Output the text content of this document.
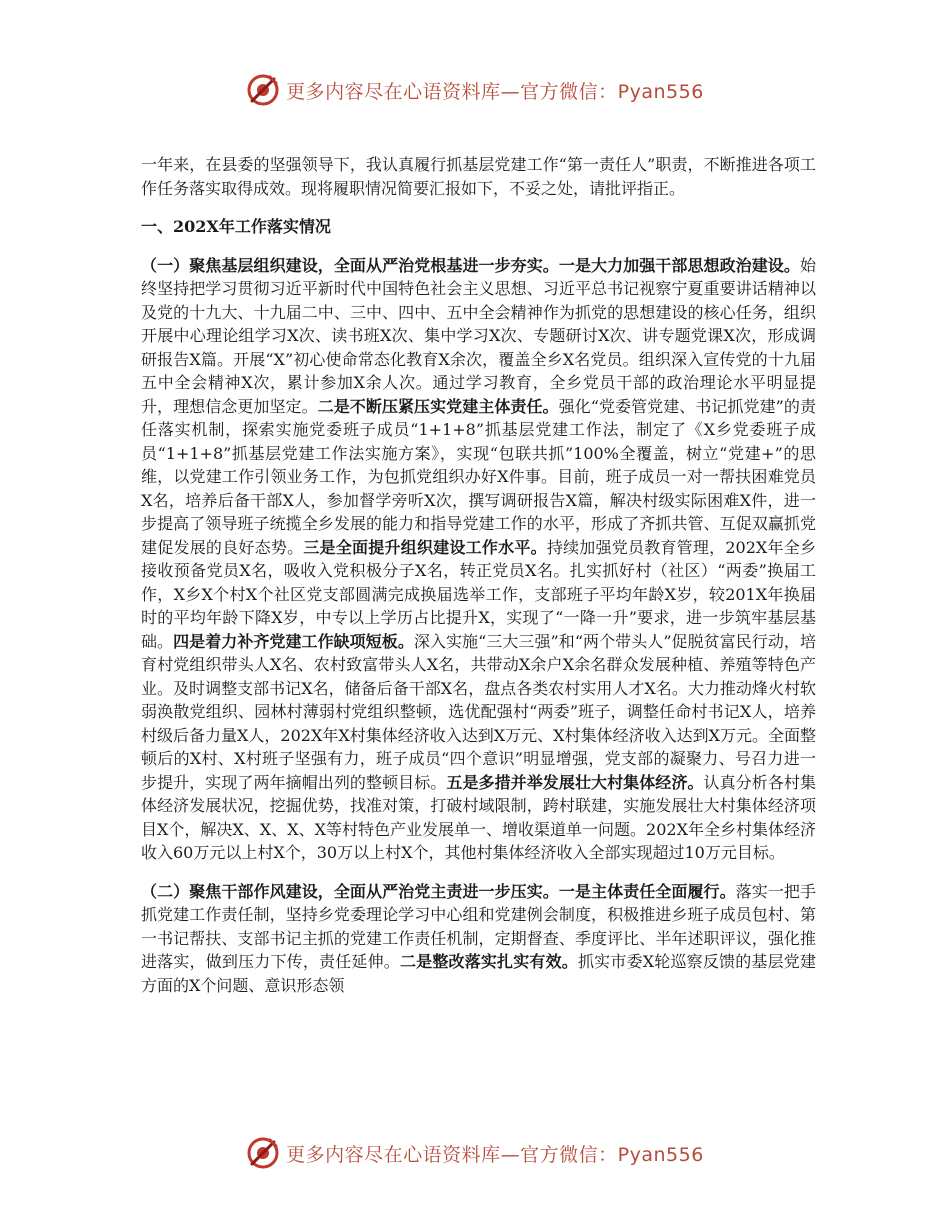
更多内容尽在心语资料库—官方微信：Pyan556

一年来，在县委的坚强领导下，我认真履行抓基层党建工作“第一责任人”职责，不断推进各项工作任务落实取得成效。现将履职情况简要汇报如下，不妥之处，请批评指正。

一、202X年工作落实情况

（一）聚焦基层组织建设，全面从严治党根基进一步夯实。一是大力加强干部思想政治建设。始终坚持把学习贯彻习近平新时代中国特色社会主义思想、习近平总书记视察宁夏重要讲话精神以及党的十九大、十九届二中、三中、四中、五中全会精神作为抓党的思想建设的核心任务，组织开展中心理论组学习X次、读书班X次、集中学习X次、专题研讨X次、讲专题党课X次，形成调研报告X篇。开展“X”初心使命常态化教育X余次，覆盖全乡X名党员。组织深入宣传党的十九届五中全会精神X次，累计参加X余人次。通过学习教育，全乡党员干部的政治理论水平明显提升，理想信念更加坚定。二是不断压紧压实党建主体责任。强化“党委管党建、书记抓党建”的责任落实机制，探索实施党委班子成员“1+1+8”抓基层党建工作法，制定了《X乡党委班子成员“1+1+8”抓基层党建工作法实施方案》，实现“包联共抓”100%全覆盖，树立“党建+”的思维，以党建工作引领业务工作，为包抓党组织办好X件事。目前，班子成员一对一帮扶困难党员X名，培养后备干部X人，参加督学旁听X次，撰写调研报告X篇，解决村级实际困难X件，进一步提高了领导班子统揽全乡发展的能力和指导党建工作的水平，形成了齐抓共管、互促双赢抓党建促发展的良好态势。三是全面提升组织建设工作水平。持续加强党员教育管理，202X年全乡接收预备党员X名，吸收入党积极分子X名，转正党员X名。扎实抓好村（社区）“两委”换届工作，X乡X个村X个社区党支部圆满完成换届选举工作，支部班子平均年龄X岁，较201X年换届时的平均年龄下降X岁，中专以上学历占比提升X，实现了“一降一升”要求，进一步筑牢基层基础。四是着力补齐党建工作缺项短板。深入实施“三大三强”和“两个带头人”促脱贫富民行动，培育村党组织带头人X名、农村致富带头人X名，共带动X余户X余名群众发展种植、养殖等特色产业。及时调整支部书记X名，储备后备干部X名，盘点各类农村实用人才X名。大力推动烽火村软弱涣散党组织、园林村薄弱村党组织整顿，选优配强村“两委”班子，调整任命村书记X人，培养村级后备力量X人，202X年X村集体经济收入达到X万元、X村集体经济收入达到X万元。全面整顿后的X村、X村班子坚强有力，班子成员“四个意识”明显增强，党支部的凝聚力、号召力进一步提升，实现了两年摘帽出列的整顿目标。五是多措并举发展壮大村集体经济。认真分析各村集体经济发展状况，挖掘优势，找准对策，打破村域限制，跨村联建，实施发展壮大村集体经济项目X个，解决X、X、X、X等村特色产业发展单一、增收渠道单一问题。202X年全乡村集体经济收入60万元以上村X个，30万以上村X个，其他村集体经济收入全部实现超过10万元目标。

（二）聚焦干部作风建设，全面从严治党主责进一步压实。一是主体责任全面履行。落实一把手抓党建工作责任制，坚持乡党委理论学习中心组和党建例会制度，积极推进乡班子成员包村、第一书记帮扶、支部书记主抓的党建工作责任机制，定期督查、季度评比、半年述职评议，强化推进落实，做到压力下传，责任延伸。二是整改落实扎实有效。抓实市委X轮巡察反馈的基层党建方面的X个问题、意识形态领

更多内容尽在心语资料库—官方微信：Pyan556
